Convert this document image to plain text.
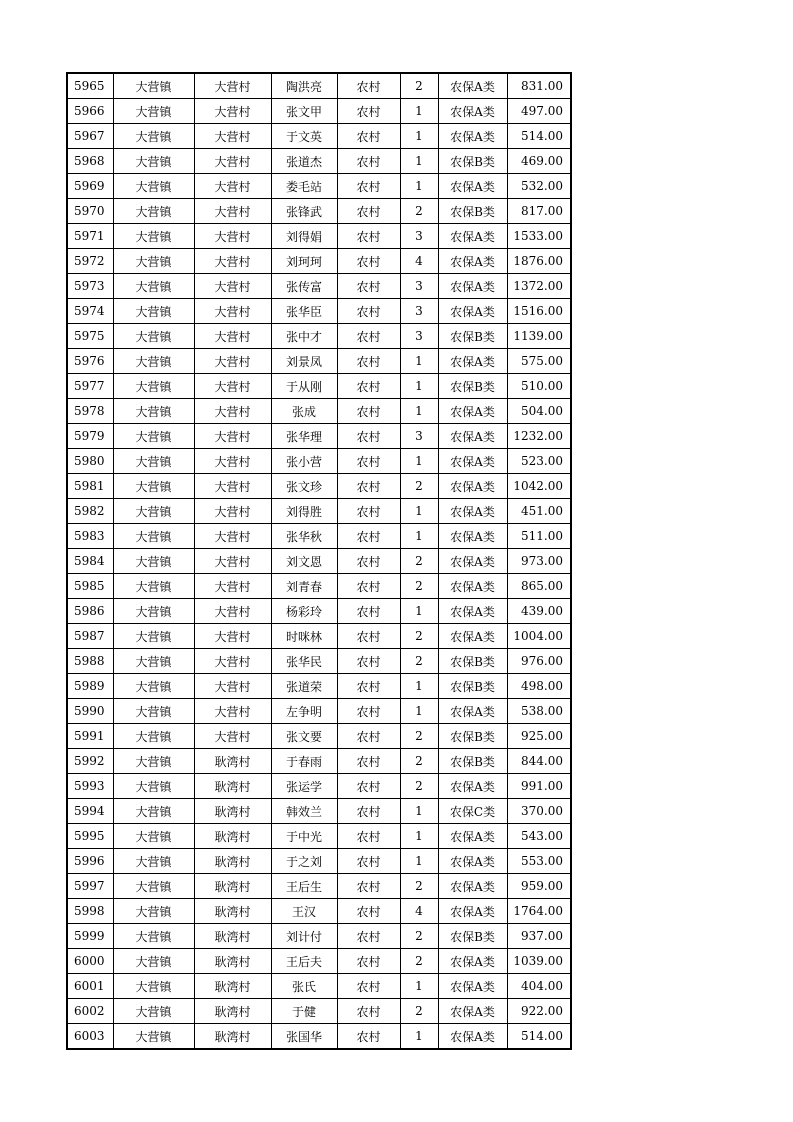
5965	大营镇	大营村	陶洪亮	农村	2	农保A类	831.00
5966	大营镇	大营村	张文甲	农村	1	农保A类	497.00
5967	大营镇	大营村	于文英	农村	1	农保A类	514.00
5968	大营镇	大营村	张道杰	农村	1	农保B类	469.00
5969	大营镇	大营村	娄毛站	农村	1	农保A类	532.00
5970	大营镇	大营村	张锋武	农村	2	农保B类	817.00
5971	大营镇	大营村	刘得娟	农村	3	农保A类	1533.00
5972	大营镇	大营村	刘珂珂	农村	4	农保A类	1876.00
5973	大营镇	大营村	张传富	农村	3	农保A类	1372.00
5974	大营镇	大营村	张华臣	农村	3	农保A类	1516.00
5975	大营镇	大营村	张中才	农村	3	农保B类	1139.00
5976	大营镇	大营村	刘景凤	农村	1	农保A类	575.00
5977	大营镇	大营村	于从刚	农村	1	农保B类	510.00
5978	大营镇	大营村	张成	农村	1	农保A类	504.00
5979	大营镇	大营村	张华理	农村	3	农保A类	1232.00
5980	大营镇	大营村	张小营	农村	1	农保A类	523.00
5981	大营镇	大营村	张文珍	农村	2	农保A类	1042.00
5982	大营镇	大营村	刘得胜	农村	1	农保A类	451.00
5983	大营镇	大营村	张华秋	农村	1	农保A类	511.00
5984	大营镇	大营村	刘文恩	农村	2	农保A类	973.00
5985	大营镇	大营村	刘青春	农村	2	农保A类	865.00
5986	大营镇	大营村	杨彩玲	农村	1	农保A类	439.00
5987	大营镇	大营村	时咪林	农村	2	农保A类	1004.00
5988	大营镇	大营村	张华民	农村	2	农保B类	976.00
5989	大营镇	大营村	张道荣	农村	1	农保B类	498.00
5990	大营镇	大营村	左争明	农村	1	农保A类	538.00
5991	大营镇	大营村	张文要	农村	2	农保B类	925.00
5992	大营镇	耿湾村	于春雨	农村	2	农保B类	844.00
5993	大营镇	耿湾村	张运学	农村	2	农保A类	991.00
5994	大营镇	耿湾村	韩效兰	农村	1	农保C类	370.00
5995	大营镇	耿湾村	于中光	农村	1	农保A类	543.00
5996	大营镇	耿湾村	于之刘	农村	1	农保A类	553.00
5997	大营镇	耿湾村	王后生	农村	2	农保A类	959.00
5998	大营镇	耿湾村	王汉	农村	4	农保A类	1764.00
5999	大营镇	耿湾村	刘计付	农村	2	农保B类	937.00
6000	大营镇	耿湾村	王后夫	农村	2	农保A类	1039.00
6001	大营镇	耿湾村	张氏	农村	1	农保A类	404.00
6002	大营镇	耿湾村	于健	农村	2	农保A类	922.00
6003	大营镇	耿湾村	张国华	农村	1	农保A类	514.00
